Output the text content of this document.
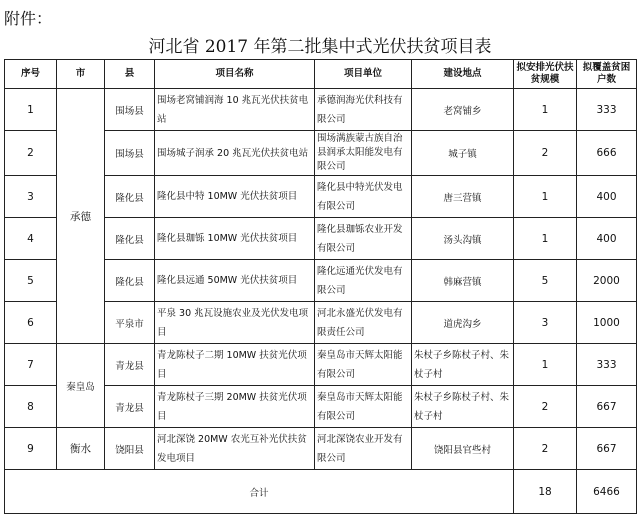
附件：
河北省 2017 年第二批集中式光伏扶贫项目表
序号	市	县	项目名称	项目单位	建设地点	拟安排光伏扶贫规模	拟覆盖贫困户数
1	承德	围场县	围场老窝铺润海 10 兆瓦光伏扶贫电站	承德润海光伏科技有限公司	老窝铺乡	1	333
2		围场县	围场城子润承 20 兆瓦光伏扶贫电站	围场满族蒙古族自治县润承太阳能发电有限公司	城子镇	2	666
3		隆化县	隆化县中特 10MW 光伏扶贫项目	隆化县中特光伏发电有限公司	唐三营镇	1	400
4		隆化县	隆化县珈铄 10MW 光伏扶贫项目	隆化县珈铄农业开发有限公司	汤头沟镇	1	400
5		隆化县	隆化县远通 50MW 光伏扶贫项目	隆化远通光伏发电有限公司	韩麻营镇	5	2000
6		平泉市	平泉 30 兆瓦设施农业及光伏发电项目	河北永盛光伏发电有限责任公司	道虎沟乡	3	1000
7	秦皇岛	青龙县	青龙陈杖子二期 10MW 扶贫光伏项目	秦皇岛市天辉太阳能有限公司	朱杖子乡陈杖子村、朱杖子村	1	333
8		青龙县	青龙陈杖子三期 20MW 扶贫光伏项目	秦皇岛市天辉太阳能有限公司	朱杖子乡陈杖子村、朱杖子村	2	667
9	衡水	饶阳县	河北深饶 20MW 农光互补光伏扶贫发电项目	河北深饶农业开发有限公司	饶阳县官些村	2	667
合计						18	6466
